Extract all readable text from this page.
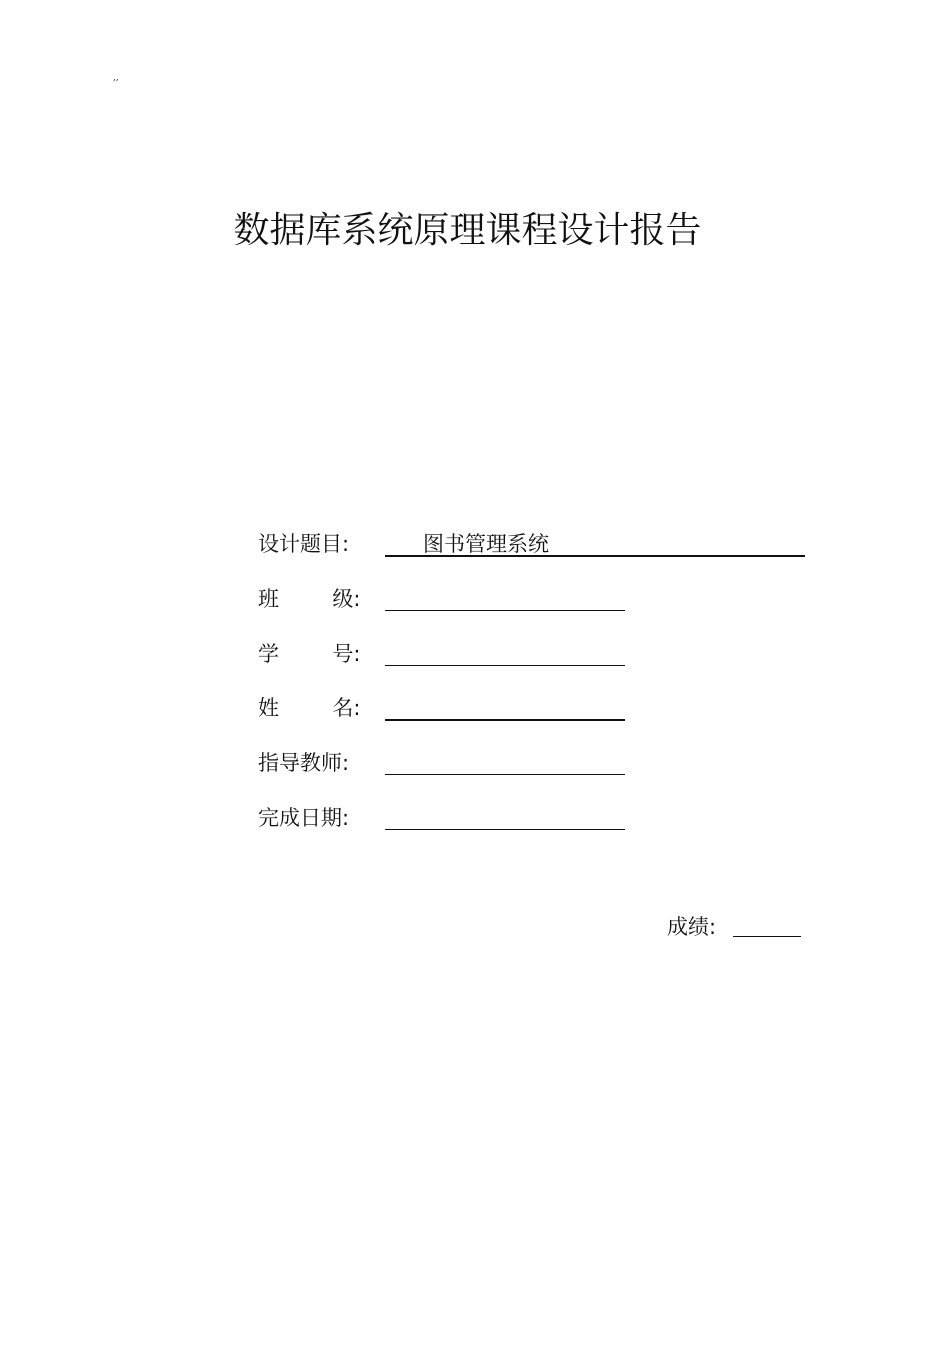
,,
数据库系统原理课程设计报告
设计题目:	图书管理系统
班        级:
学        号:
姓        名:
指导教师:
完成日期:
成绩:
